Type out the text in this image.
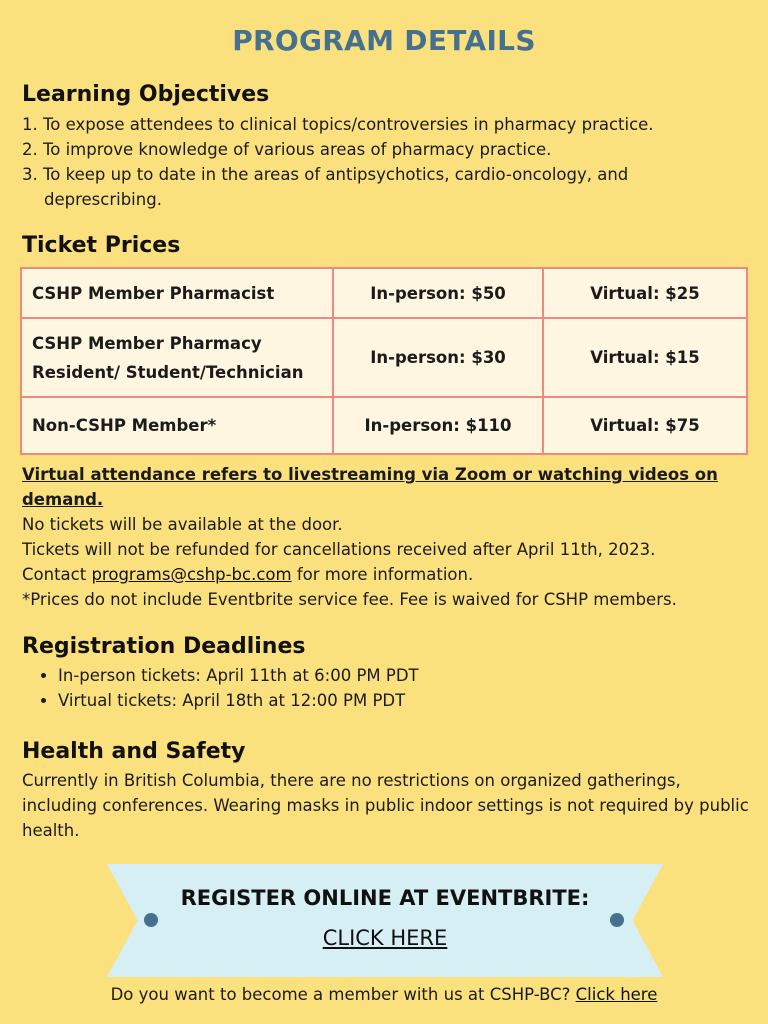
PROGRAM DETAILS
Learning Objectives
1. To expose attendees to clinical topics/controversies in pharmacy practice.
2. To improve knowledge of various areas of pharmacy practice.
3. To keep up to date in the areas of antipsychotics, cardio-oncology, and deprescribing.
Ticket Prices
CSHP Member Pharmacist	In-person: $50	Virtual: $25
CSHP Member Pharmacy Resident/ Student/Technician	In-person: $30	Virtual: $15
Non-CSHP Member*	In-person: $110	Virtual: $75
Virtual attendance refers to livestreaming via Zoom or watching videos on demand.
No tickets will be available at the door.
Tickets will not be refunded for cancellations received after April 11th, 2023.
Contact programs@cshp-bc.com for more information.
*Prices do not include Eventbrite service fee. Fee is waived for CSHP members.
Registration Deadlines
• In-person tickets: April 11th at 6:00 PM PDT
• Virtual tickets: April 18th at 12:00 PM PDT
Health and Safety
Currently in British Columbia, there are no restrictions on organized gatherings, including conferences. Wearing masks in public indoor settings is not required by public health.
REGISTER ONLINE AT EVENTBRITE:
CLICK HERE
Do you want to become a member with us at CSHP-BC? Click here
